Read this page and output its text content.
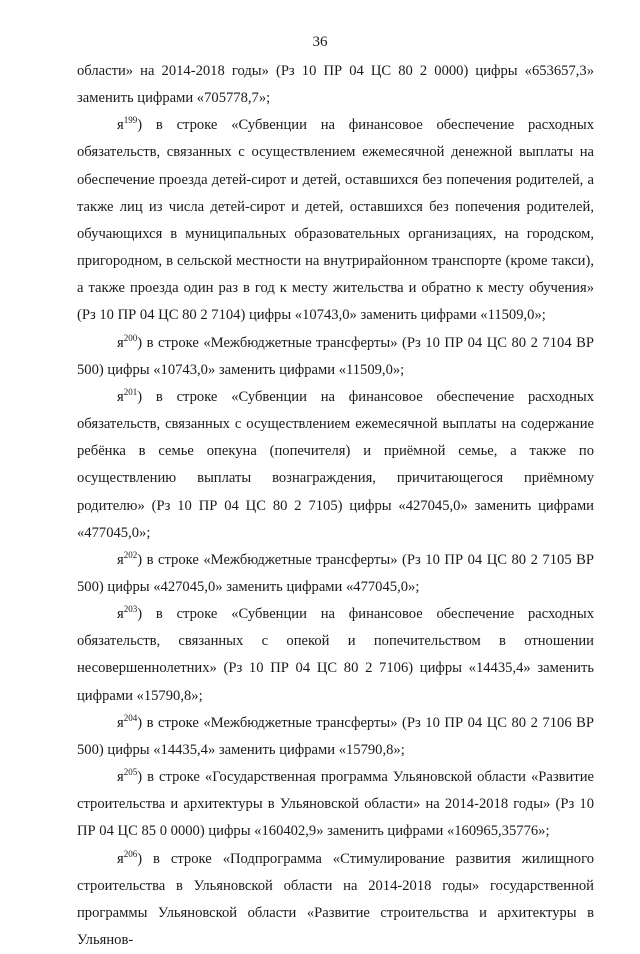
36

области» на 2014-2018 годы» (Рз 10 ПР 04 ЦС 80 2 0000) цифры «653657,3» заменить цифрами «705778,7»;

$я^{199}$) в строке «Субвенции на финансовое обеспечение расходных обязательств, связанных с осуществлением ежемесячной денежной выплаты на обеспечение проезда детей-сирот и детей, оставшихся без попечения родителей, а также лиц из числа детей-сирот и детей, оставшихся без попечения родителей, обучающихся в муниципальных образовательных организациях, на городском, пригородном, в сельской местности на внутрирайонном транспорте (кроме такси), а также проезда один раз в год к месту жительства и обратно к месту обучения» (Рз 10 ПР 04 ЦС 80 2 7104) цифры «10743,0» заменить цифрами «11509,0»;

$я^{200}$) в строке «Межбюджетные трансферты» (Рз 10 ПР 04 ЦС 80 2 7104 ВР 500) цифры «10743,0» заменить цифрами «11509,0»;

$я^{201}$) в строке «Субвенции на финансовое обеспечение расходных обязательств, связанных с осуществлением ежемесячной выплаты на содержание ребёнка в семье опекуна (попечителя) и приёмной семье, а также по осуществлению выплаты вознаграждения, причитающегося приёмному родителю» (Рз 10 ПР 04 ЦС 80 2 7105) цифры «427045,0» заменить цифрами «477045,0»;

$я^{202}$) в строке «Межбюджетные трансферты» (Рз 10 ПР 04 ЦС 80 2 7105 ВР 500) цифры «427045,0» заменить цифрами «477045,0»;

$я^{203}$) в строке «Субвенции на финансовое обеспечение расходных обязательств, связанных с опекой и попечительством в отношении несовершеннолетних» (Рз 10 ПР 04 ЦС 80 2 7106) цифры «14435,4» заменить цифрами «15790,8»;

$я^{204}$) в строке «Межбюджетные трансферты» (Рз 10 ПР 04 ЦС 80 2 7106 ВР 500) цифры «14435,4» заменить цифрами «15790,8»;

$я^{205}$) в строке «Государственная программа Ульяновской области «Развитие строительства и архитектуры в Ульяновской области» на 2014-2018 годы» (Рз 10 ПР 04 ЦС 85 0 0000) цифры «160402,9» заменить цифрами «160965,35776»;

$я^{206}$) в строке «Подпрограмма «Стимулирование развития жилищного строительства в Ульяновской области на 2014-2018 годы» государственной программы Ульяновской области «Развитие строительства и архитектуры в Ульянов-
